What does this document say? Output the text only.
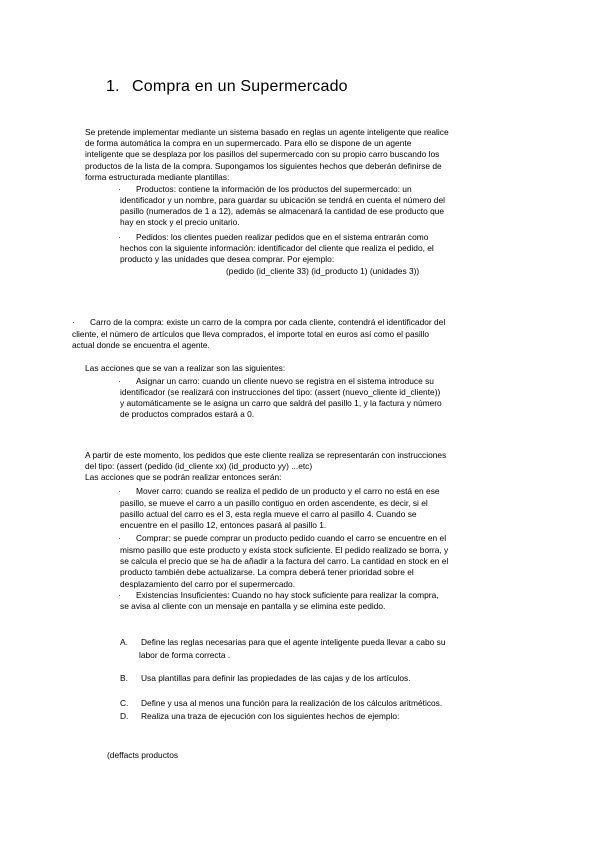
1. Compra en un Supermercado
Se pretende implementar mediante un sistema basado en reglas un agente inteligente que realice
de forma automática la compra en un supermercado. Para ello se dispone de un agente
inteligente que se desplaza por los pasillos del supermercado con su propio carro buscando los
productos de la lista de la compra. Supongamos los siguientes hechos que deberán definirse de
forma estructurada mediante plantillas:
· Productos: contiene la información de los productos del supermercado: un
identificador y un nombre, para guardar su ubicación se tendrá en cuenta el número del
pasillo (numerados de 1 a 12), además se almacenará la cantidad de ese producto que
hay en stock y el precio unitario.
· Pedidos: los clientes pueden realizar pedidos que en el sistema entrarán como
hechos con la siguiente información: identificador del cliente que realiza el pedido, el
producto y las unidades que desea comprar. Por ejemplo:
(pedido (id_cliente 33) (id_producto 1) (unidades 3))
· Carro de la compra: existe un carro de la compra por cada cliente, contendrá el identificador del
cliente, el número de artículos que lleva comprados, el importe total en euros así como el pasillo
actual donde se encuentra el agente.
Las acciones que se van a realizar son las siguientes:
· Asignar un carro: cuando un cliente nuevo se registra en el sistema introduce su
identificador (se realizará con instrucciones del tipo: (assert (nuevo_cliente id_cliente))
y automáticamente se le asigna un carro que saldrá del pasillo 1, y la factura y número
de productos comprados estará a 0.
A partir de este momento, los pedidos que este cliente realiza se representarán con instrucciones
del tipo: (assert (pedido (id_cliente xx) (id_producto yy) ...etc)
Las acciones que se podrán realizar entonces serán:
· Mover carro: cuando se realiza el pedido de un producto y el carro no está en ese
pasillo, se mueve el carro a un pasillo contiguo en orden ascendente, es decir, si el
pasillo actual del carro es el 3, esta regla mueve el carro al pasillo 4. Cuando se
encuentre en el pasillo 12, entonces pasará al pasillo 1.
· Comprar: se puede comprar un producto pedido cuando el carro se encuentre en el
mismo pasillo que este producto y exista stock suficiente. El pedido realizado se borra, y
se calcula el precio que se ha de añadir a la factura del carro. La cantidad en stock en el
producto también debe actualizarse. La compra deberá tener prioridad sobre el
desplazamiento del carro por el supermercado.
· Existencias Insuficientes: Cuando no hay stock suficiente para realizar la compra,
se avisa al cliente con un mensaje en pantalla y se elimina este pedido.
A. Define las reglas necesarias para que el agente inteligente pueda llevar a cabo su
labor de forma correcta .
B. Usa plantillas para definir las propiedades de las cajas y de los artículos.
C. Define y usa al menos una función para la realización de los cálculos aritméticos.
D. Realiza una traza de ejecución con los siguientes hechos de ejemplo:
(deffacts productos
